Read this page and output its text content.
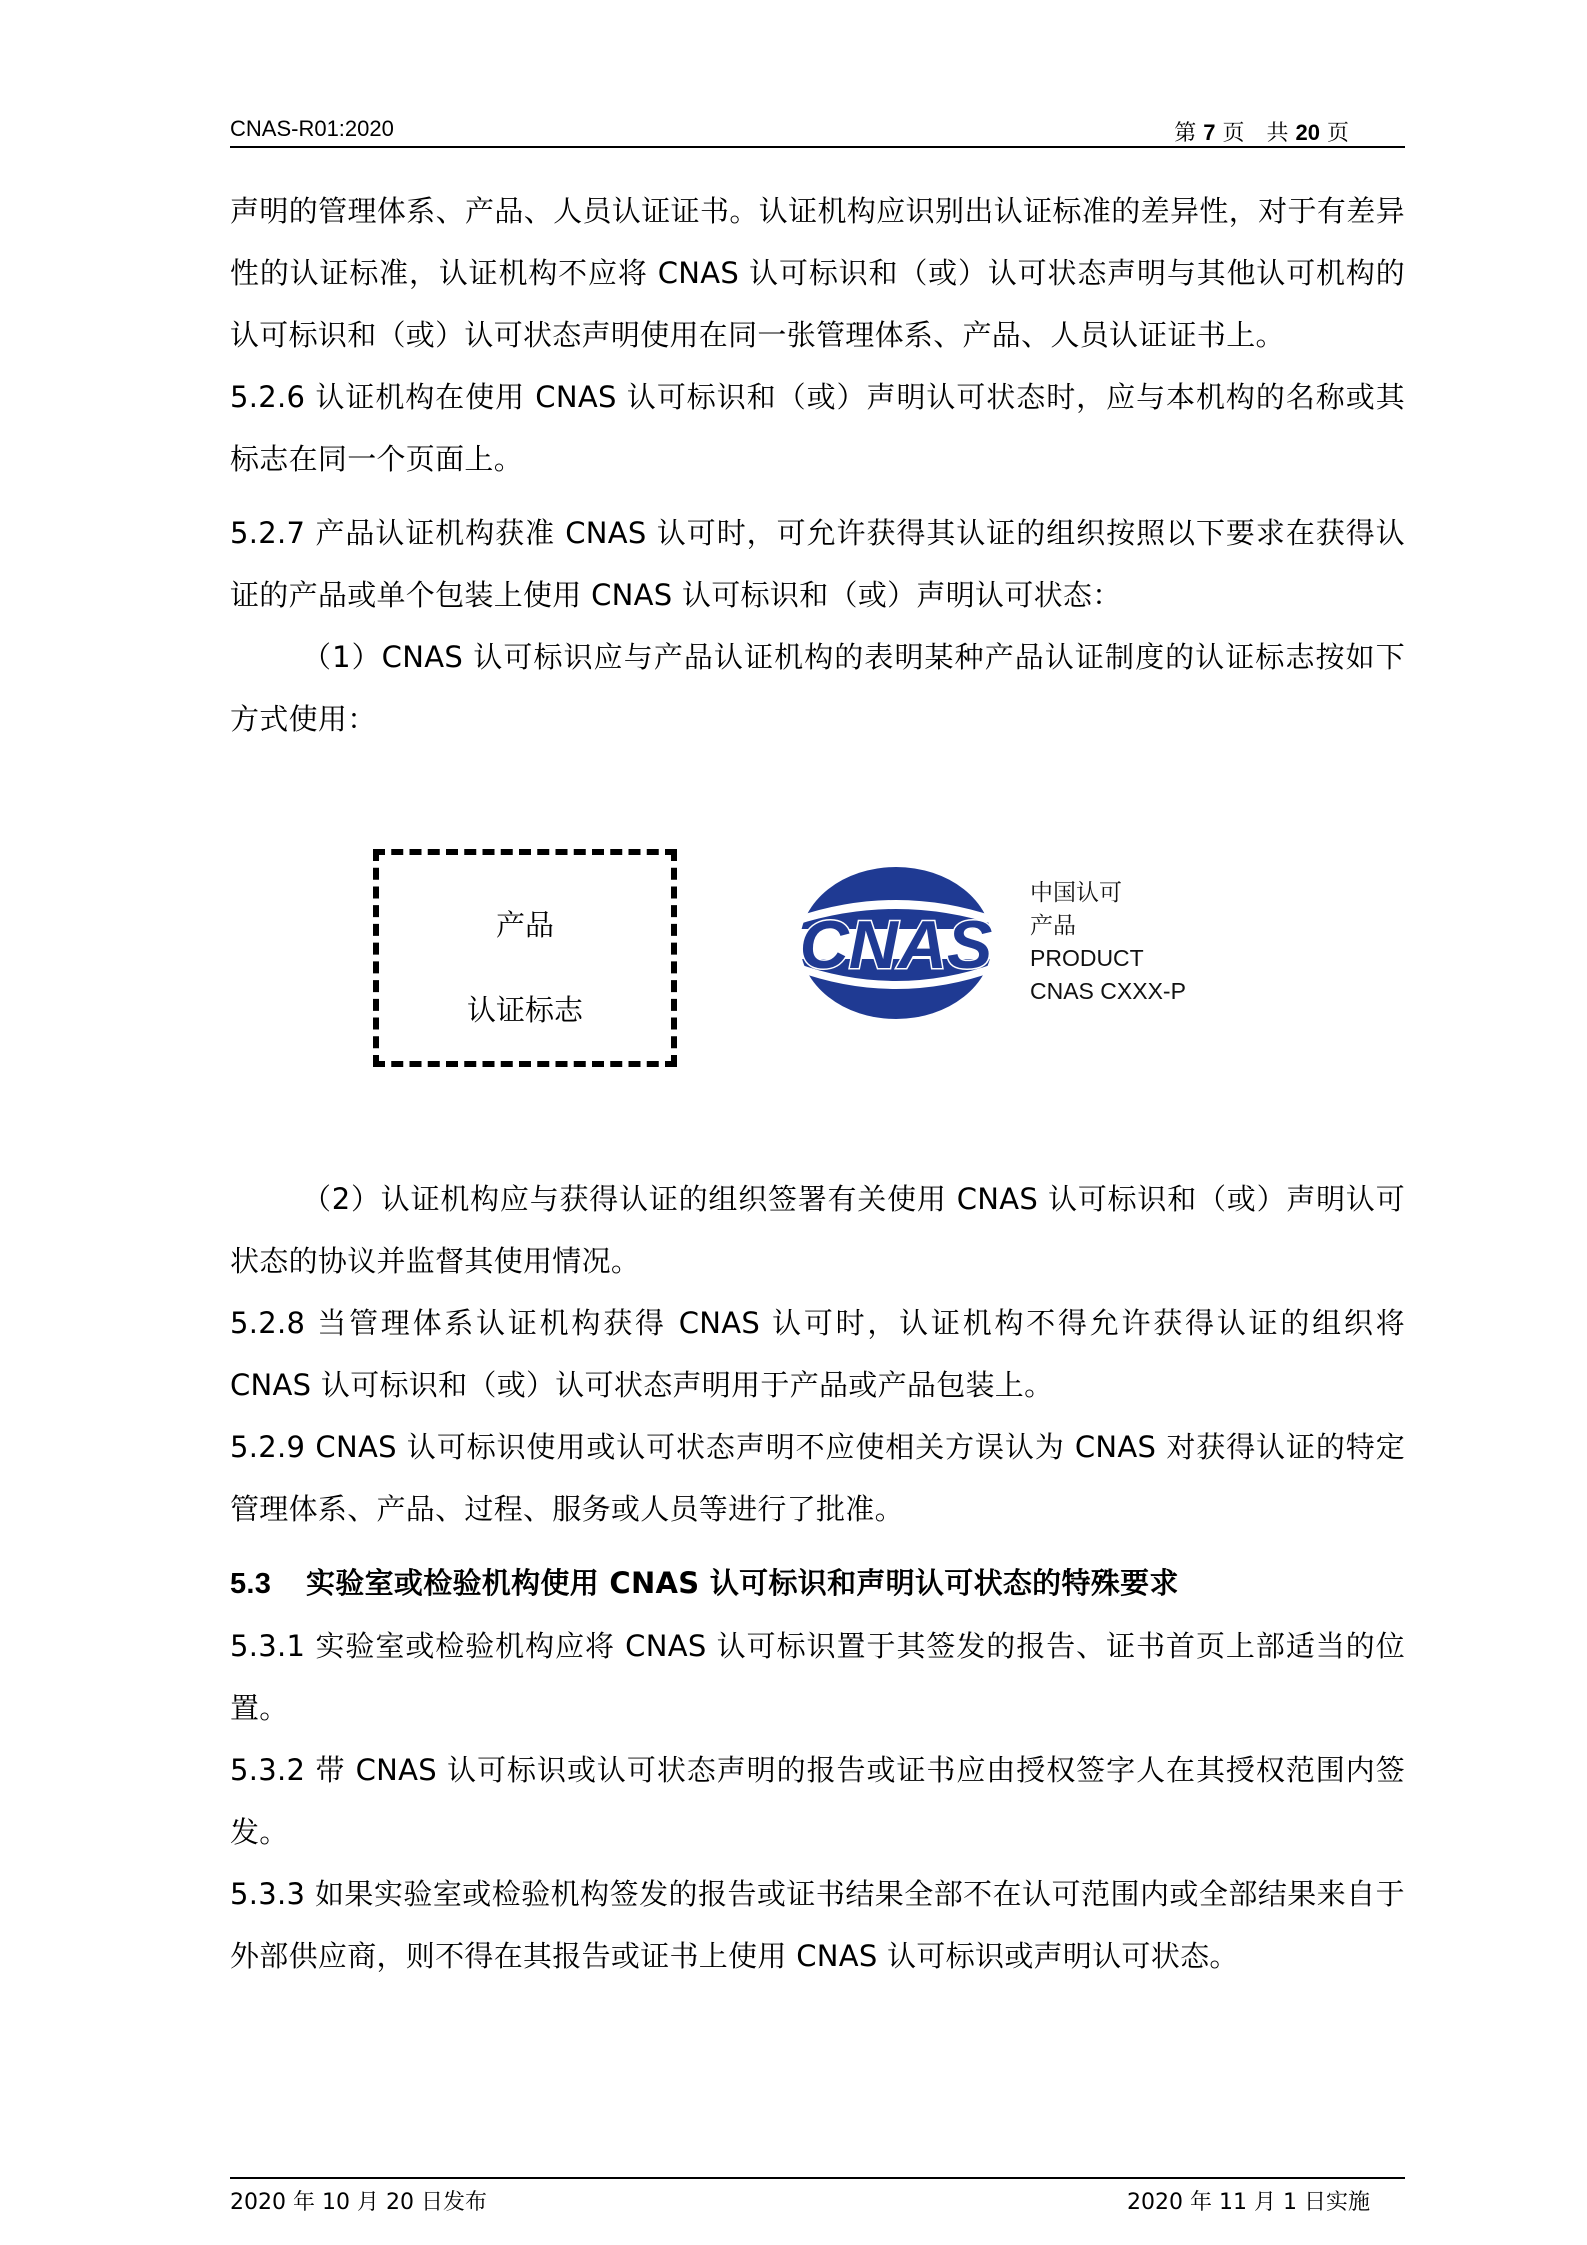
CNAS-R01:2020	第 7 页　共 20 页

声明的管理体系、产品、人员认证证书。认证机构应识别出认证标准的差异性，对于有差异性的认证标准，认证机构不应将 CNAS 认可标识和（或）认可状态声明与其他认可机构的认可标识和（或）认可状态声明使用在同一张管理体系、产品、人员认证证书上。

5.2.6 认证机构在使用 CNAS 认可标识和（或）声明认可状态时，应与本机构的名称或其标志在同一个页面上。

5.2.7 产品认证机构获准 CNAS 认可时，可允许获得其认证的组织按照以下要求在获得认证的产品或单个包装上使用 CNAS 认可标识和（或）声明认可状态：

（1）CNAS 认可标识应与产品认证机构的表明某种产品认证制度的认证标志按如下方式使用：

产品
认证标志
CNAS
中国认可
产品
PRODUCT
CNAS CXXX-P

（2）认证机构应与获得认证的组织签署有关使用 CNAS 认可标识和（或）声明认可状态的协议并监督其使用情况。

5.2.8 当管理体系认证机构获得 CNAS 认可时，认证机构不得允许获得认证的组织将 CNAS 认可标识和（或）认可状态声明用于产品或产品包装上。

5.2.9 CNAS 认可标识使用或认可状态声明不应使相关方误认为 CNAS 对获得认证的特定管理体系、产品、过程、服务或人员等进行了批准。

5.3 实验室或检验机构使用 CNAS 认可标识和声明认可状态的特殊要求

5.3.1 实验室或检验机构应将 CNAS 认可标识置于其签发的报告、证书首页上部适当的位置。

5.3.2 带 CNAS 认可标识或认可状态声明的报告或证书应由授权签字人在其授权范围内签发。

5.3.3 如果实验室或检验机构签发的报告或证书结果全部不在认可范围内或全部结果来自于外部供应商，则不得在其报告或证书上使用 CNAS 认可标识或声明认可状态。

2020 年 10 月 20 日发布	2020 年 11 月 1 日实施
